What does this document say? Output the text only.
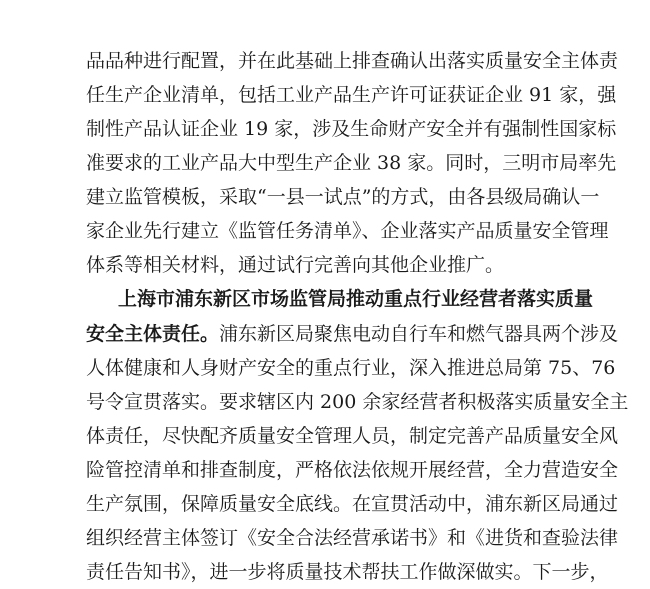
品品种进行配置，并在此基础上排查确认出落实质量安全主体责
任生产企业清单，包括工业产品生产许可证获证企业 91 家，强
制性产品认证企业 19 家，涉及生命财产安全并有强制性国家标
准要求的工业产品大中型生产企业 38 家。同时，三明市局率先
建立监管模板，采取“一县一试点”的方式，由各县级局确认一
家企业先行建立《监管任务清单》、企业落实产品质量安全管理
体系等相关材料，通过试行完善向其他企业推广。
上海市浦东新区市场监管局推动重点行业经营者落实质量
安全主体责任。 浦东新区局聚焦电动自行车和燃气器具两个涉及
人体健康和人身财产安全的重点行业，深入推进总局第 75、76
号令宣贯落实。要求辖区内 200 余家经营者积极落实质量安全主
体责任，尽快配齐质量安全管理人员，制定完善产品质量安全风
险管控清单和排查制度，严格依法依规开展经营，全力营造安全
生产氛围，保障质量安全底线。在宣贯活动中，浦东新区局通过
组织经营主体签订《安全合法经营承诺书》和《进货和查验法律
责任告知书》，进一步将质量技术帮扶工作做深做实。下一步，
